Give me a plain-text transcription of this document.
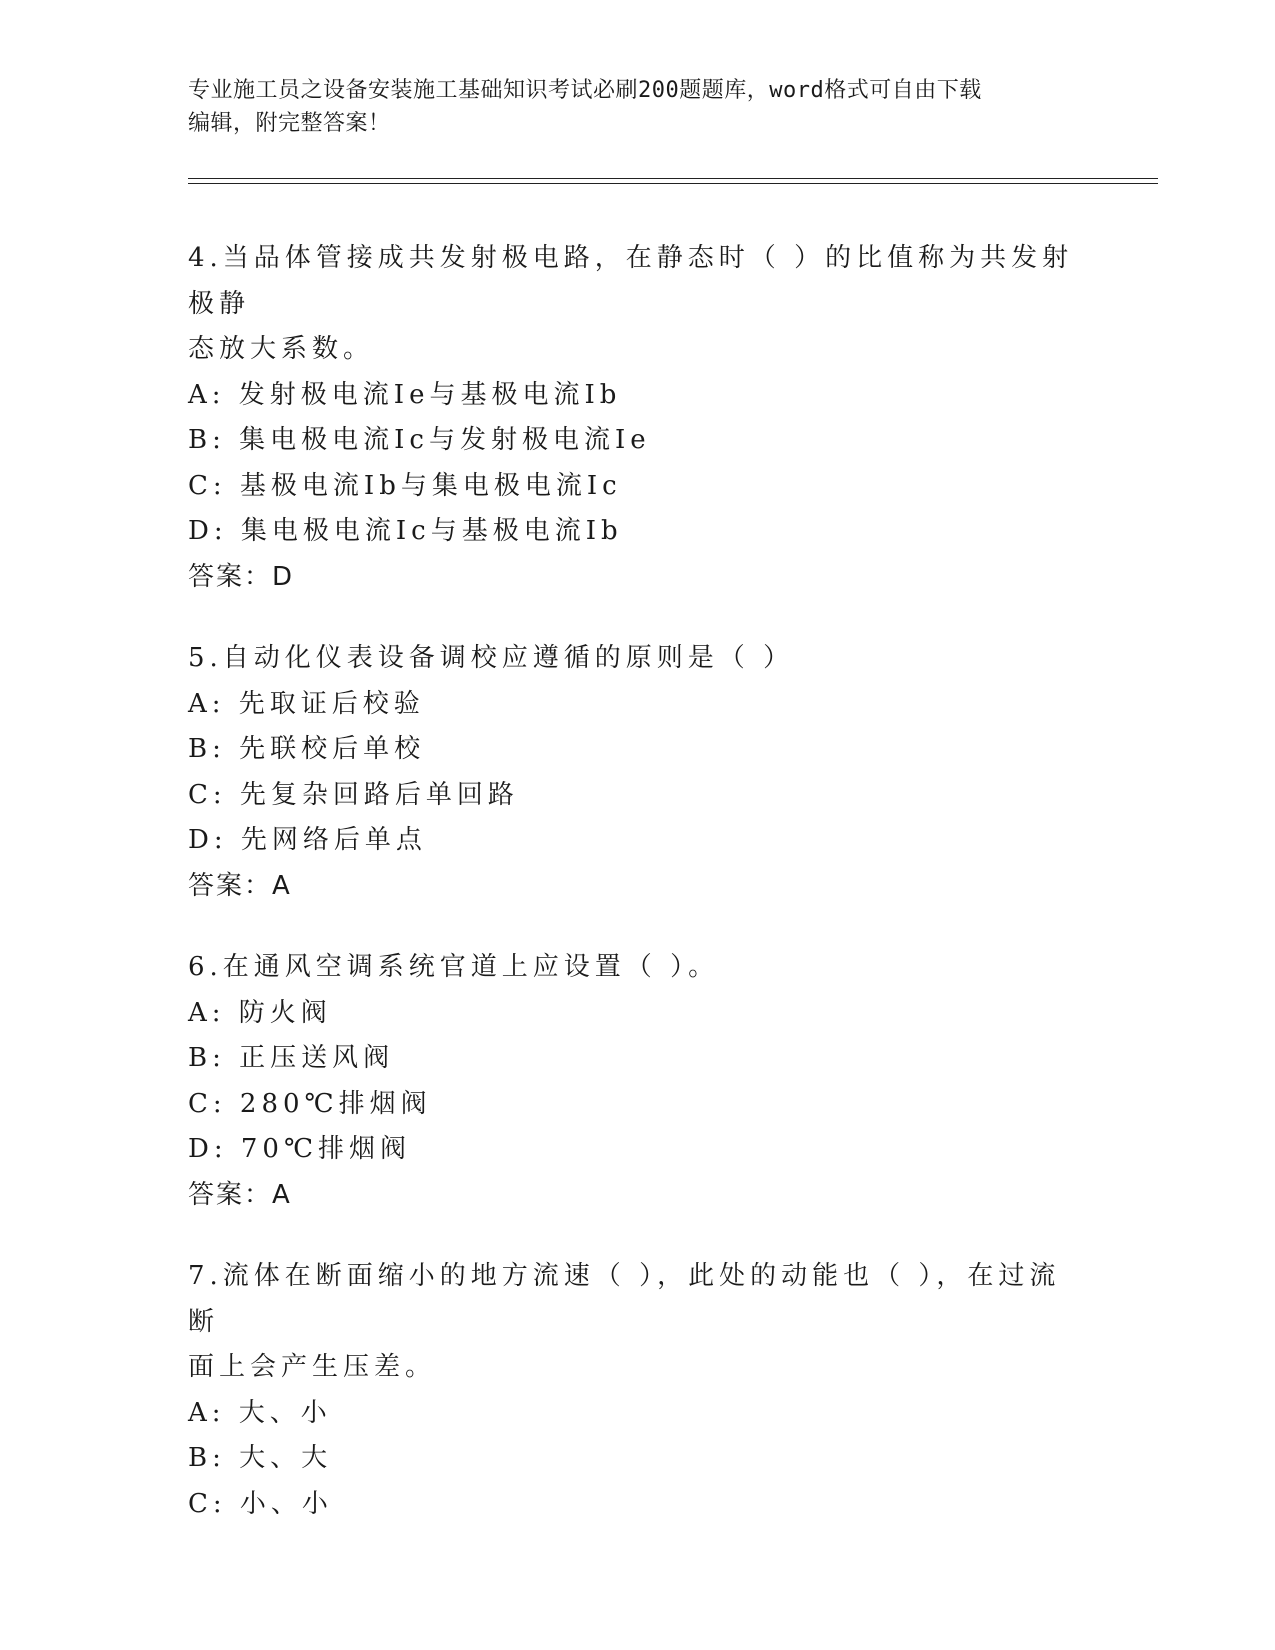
专业施工员之设备安装施工基础知识考试必刷200题题库，word格式可自由下载
编辑，附完整答案！
4.当品体管接成共发射极电路，在静态时（ ）的比值称为共发射极静
态放大系数。
A: 发射极电流Ie与基极电流Ib
B: 集电极电流Ic与发射极电流Ie
C: 基极电流Ib与集电极电流Ic
D: 集电极电流Ic与基极电流Ib
答案：D
5.自动化仪表设备调校应遵循的原则是（ ）
A: 先取证后校验
B: 先联校后单校
C: 先复杂回路后单回路
D: 先网络后单点
答案：A
6.在通风空调系统官道上应设置（ ）。
A: 防火阀
B: 正压送风阀
C: 280℃排烟阀
D: 70℃排烟阀
答案：A
7.流体在断面缩小的地方流速（ ），此处的动能也（ ），在过流断
面上会产生压差。
A: 大、小
B: 大、大
C: 小、小
